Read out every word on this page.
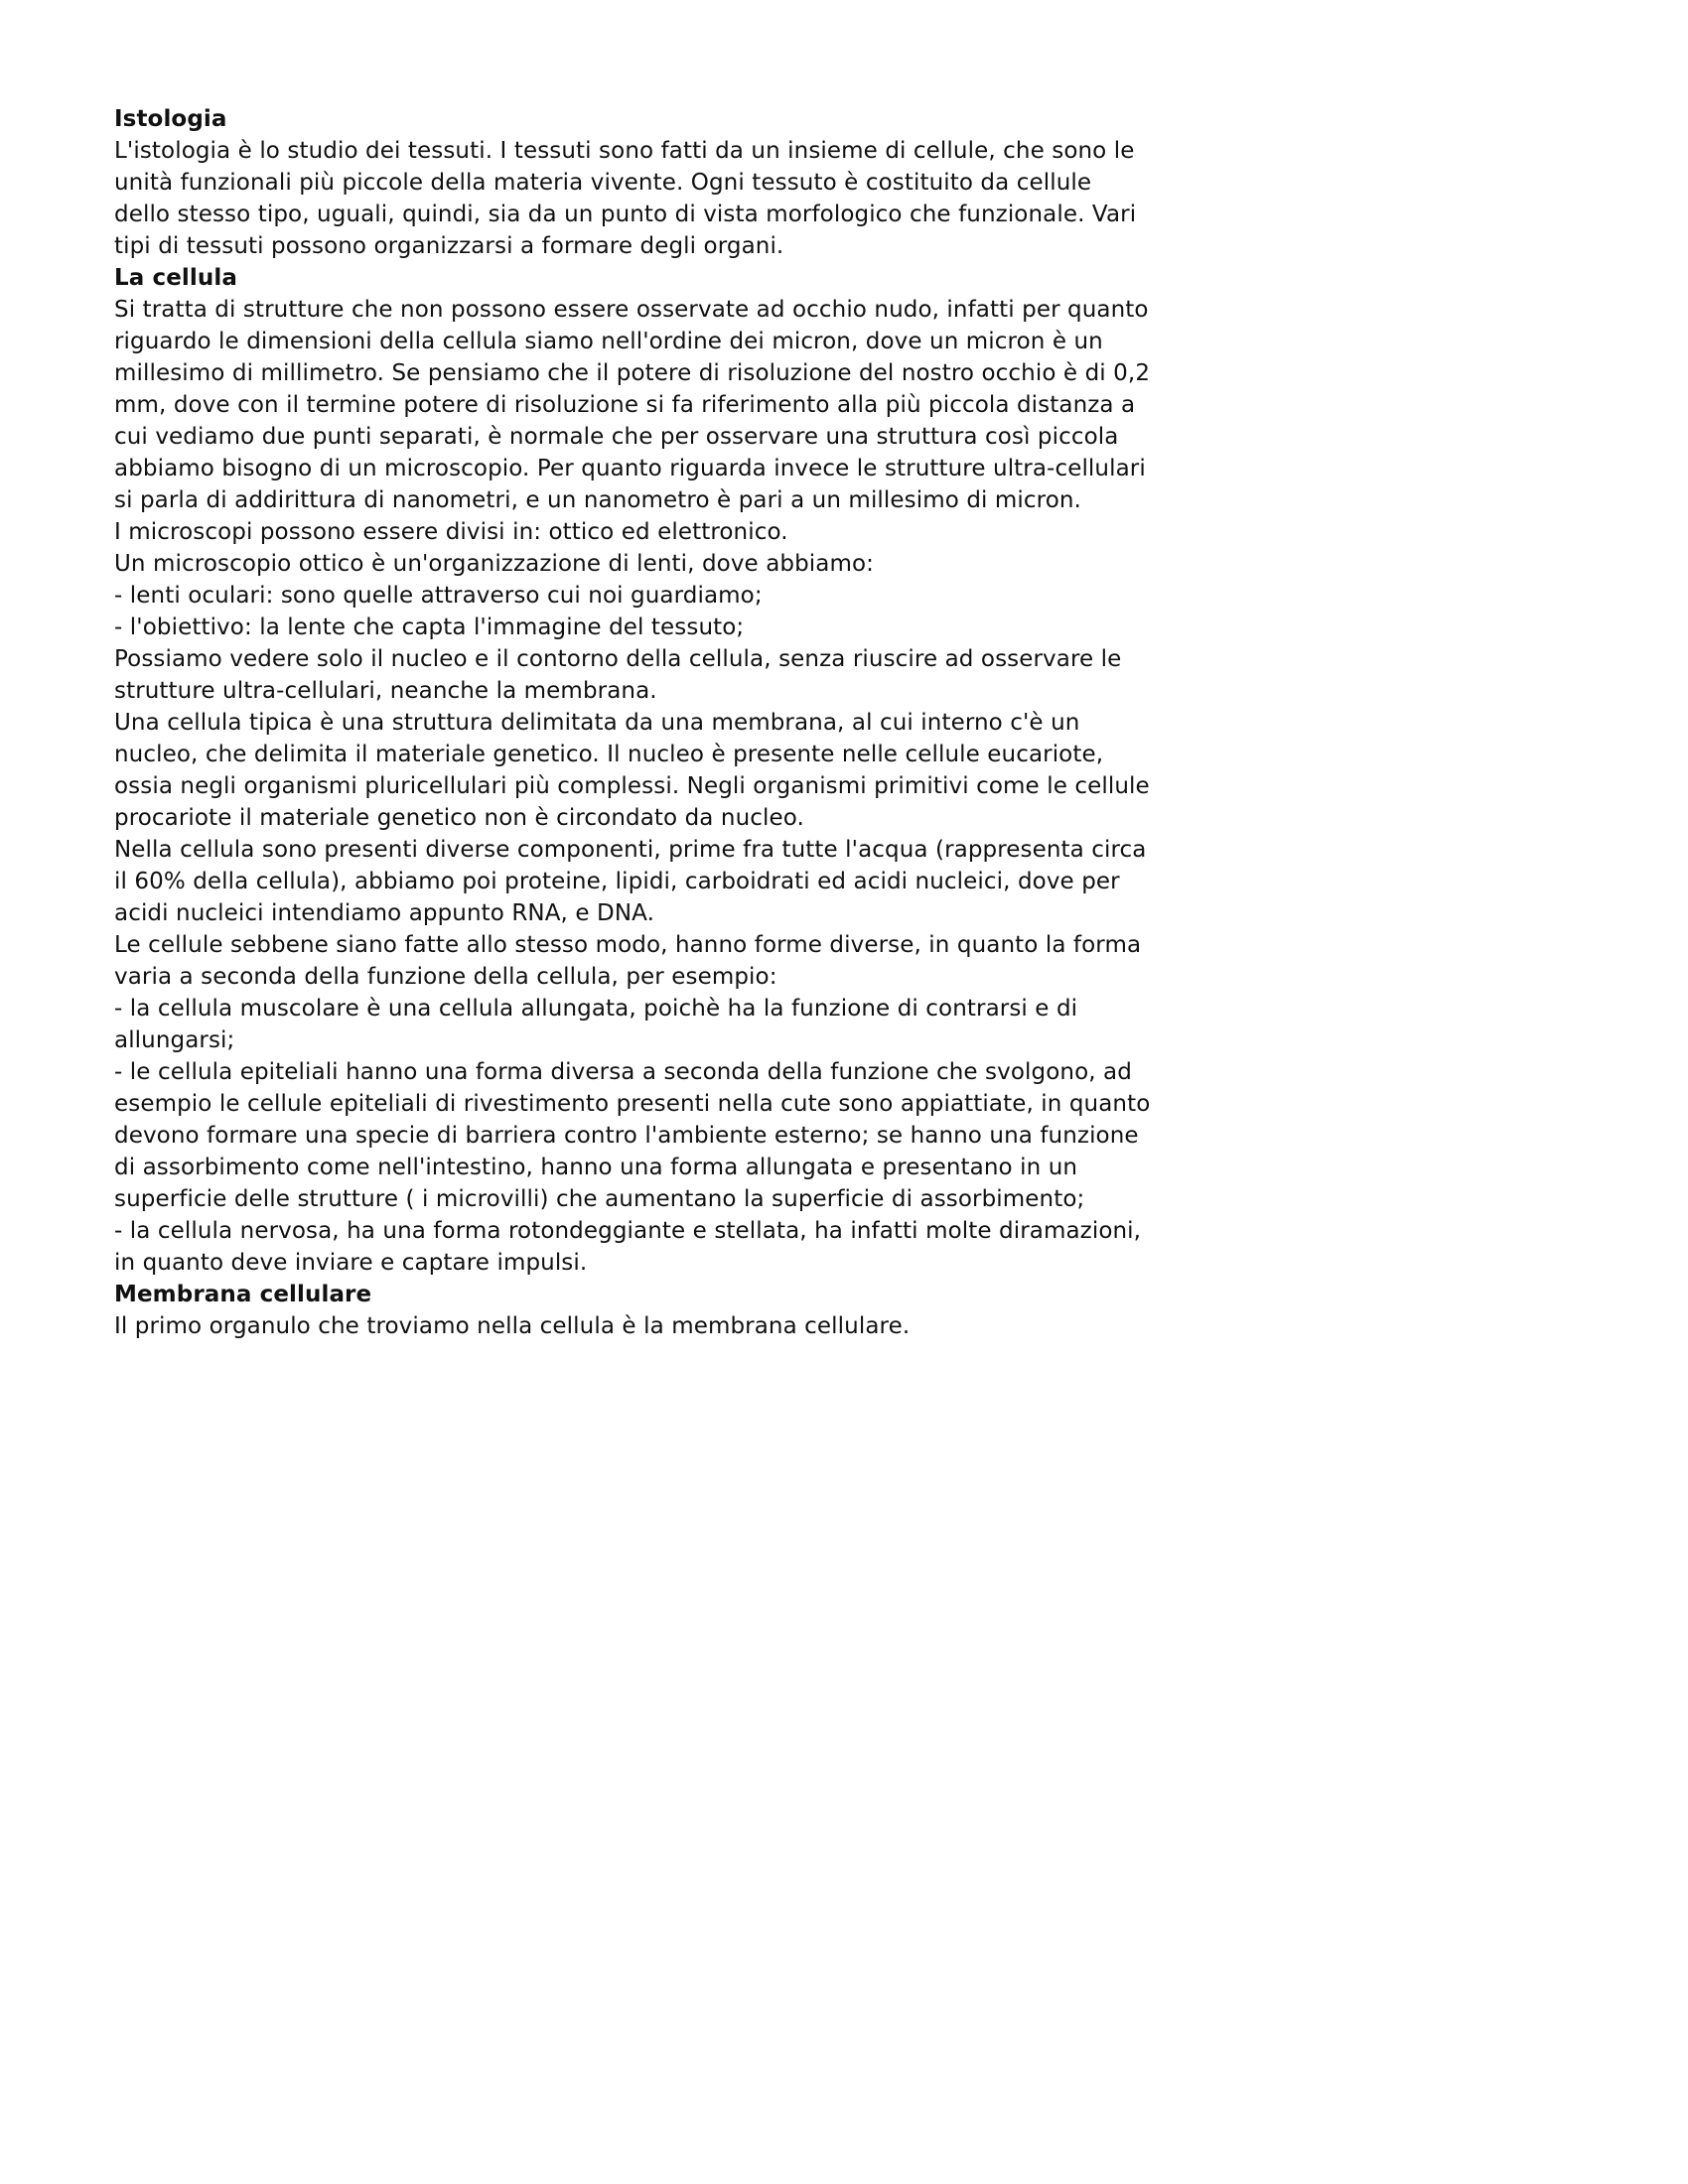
Istologia

L'istologia è lo studio dei tessuti. I tessuti sono fatti da un insieme di cellule, che sono le unità funzionali più piccole della materia vivente. Ogni tessuto è costituito da cellule dello stesso tipo, uguali, quindi, sia da un punto di vista morfologico che funzionale. Vari tipi di tessuti possono organizzarsi a formare degli organi.

La cellula

Si tratta di strutture che non possono essere osservate ad occhio nudo, infatti per quanto riguardo le dimensioni della cellula siamo nell'ordine dei micron, dove un micron è un millesimo di millimetro. Se pensiamo che il potere di risoluzione del nostro occhio è di 0,2 mm, dove con il termine potere di risoluzione si fa riferimento alla più piccola distanza a cui vediamo due punti separati, è normale che per osservare una struttura così piccola abbiamo bisogno di un microscopio. Per quanto riguarda invece le strutture ultra-cellulari si parla di addirittura di nanometri, e un nanometro è pari a un millesimo di micron.

I microscopi possono essere divisi in: ottico ed elettronico.

Un microscopio ottico è un'organizzazione di lenti, dove abbiamo:

- lenti oculari: sono quelle attraverso cui noi guardiamo;

- l'obiettivo: la lente che capta l'immagine del tessuto;

Possiamo vedere solo il nucleo e il contorno della cellula, senza riuscire ad osservare le strutture ultra-cellulari, neanche la membrana.

Una cellula tipica è una struttura delimitata da una membrana, al cui interno c'è un nucleo, che delimita il materiale genetico. Il nucleo è presente nelle cellule eucariote, ossia negli organismi pluricellulari più complessi. Negli organismi primitivi come le cellule procariote il materiale genetico non è circondato da nucleo.

Nella cellula sono presenti diverse componenti, prime fra tutte l'acqua (rappresenta circa il 60% della cellula), abbiamo poi proteine, lipidi, carboidrati ed acidi nucleici, dove per acidi nucleici intendiamo appunto RNA, e DNA.

Le cellule sebbene siano fatte allo stesso modo, hanno forme diverse, in quanto la forma varia a seconda della funzione della cellula, per esempio:

- la cellula muscolare è una cellula allungata, poichè ha la funzione di contrarsi e di allungarsi;

- le cellula epiteliali hanno una forma diversa a seconda della funzione che svolgono, ad esempio le cellule epiteliali di rivestimento presenti nella cute sono appiattiate, in quanto devono formare una specie di barriera contro l'ambiente esterno; se hanno una funzione di assorbimento come nell'intestino, hanno una forma allungata e presentano in un superficie delle strutture ( i microvilli) che aumentano la superficie di assorbimento;

- la cellula nervosa, ha una forma rotondeggiante e stellata, ha infatti molte diramazioni, in quanto deve inviare e captare impulsi.

Membrana cellulare

Il primo organulo che troviamo nella cellula è la membrana cellulare.
